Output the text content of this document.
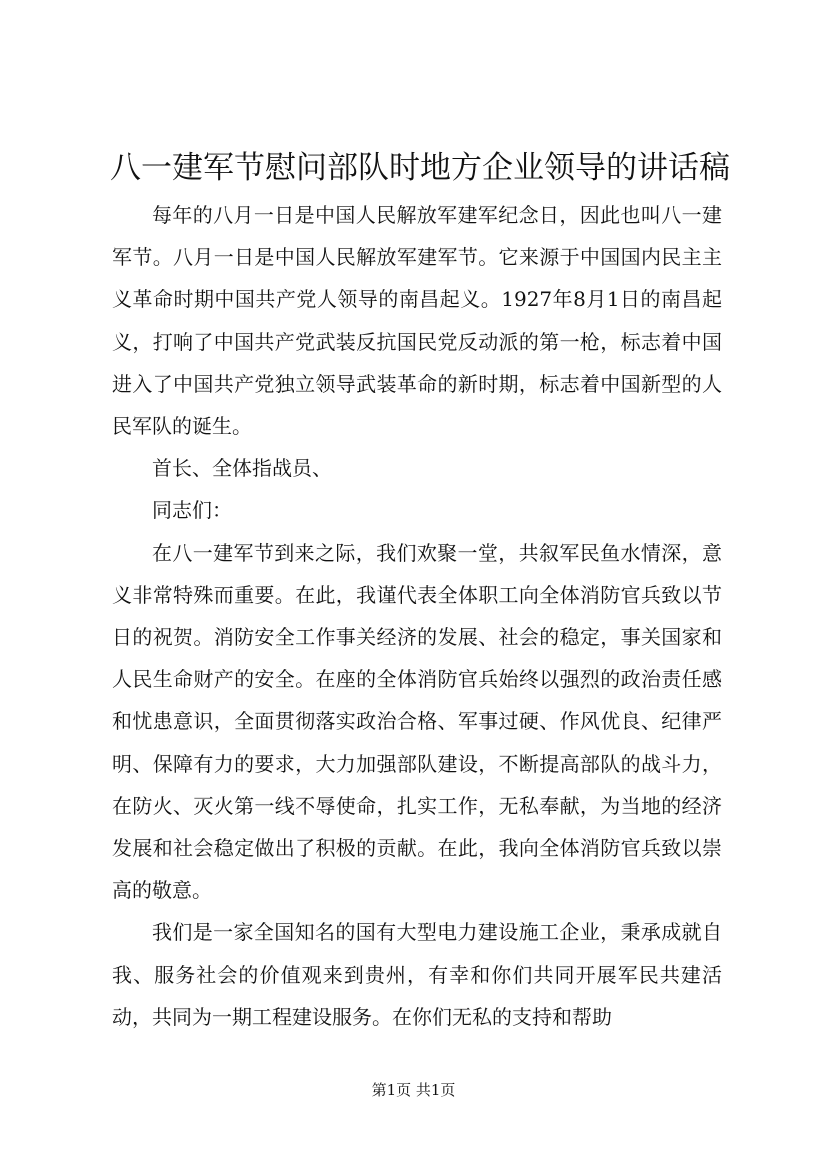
八一建军节慰问部队时地方企业领导的讲话稿

每年的八月一日是中国人民解放军建军纪念日，因此也叫八一建军节。八月一日是中国人民解放军建军节。它来源于中国国内民主主义革命时期中国共产党人领导的南昌起义。1927年8月1日的南昌起义，打响了中国共产党武装反抗国民党反动派的第一枪，标志着中国进入了中国共产党独立领导武装革命的新时期，标志着中国新型的人民军队的诞生。

首长、全体指战员、

同志们：

在八一建军节到来之际，我们欢聚一堂，共叙军民鱼水情深，意义非常特殊而重要。在此，我谨代表全体职工向全体消防官兵致以节日的祝贺。消防安全工作事关经济的发展、社会的稳定，事关国家和人民生命财产的安全。在座的全体消防官兵始终以强烈的政治责任感和忧患意识，全面贯彻落实政治合格、军事过硬、作风优良、纪律严明、保障有力的要求，大力加强部队建设，不断提高部队的战斗力，在防火、灭火第一线不辱使命，扎实工作，无私奉献，为当地的经济发展和社会稳定做出了积极的贡献。在此，我向全体消防官兵致以崇高的敬意。

我们是一家全国知名的国有大型电力建设施工企业，秉承成就自我、服务社会的价值观来到贵州，有幸和你们共同开展军民共建活动，共同为一期工程建设服务。在你们无私的支持和帮助

第1页 共1页
